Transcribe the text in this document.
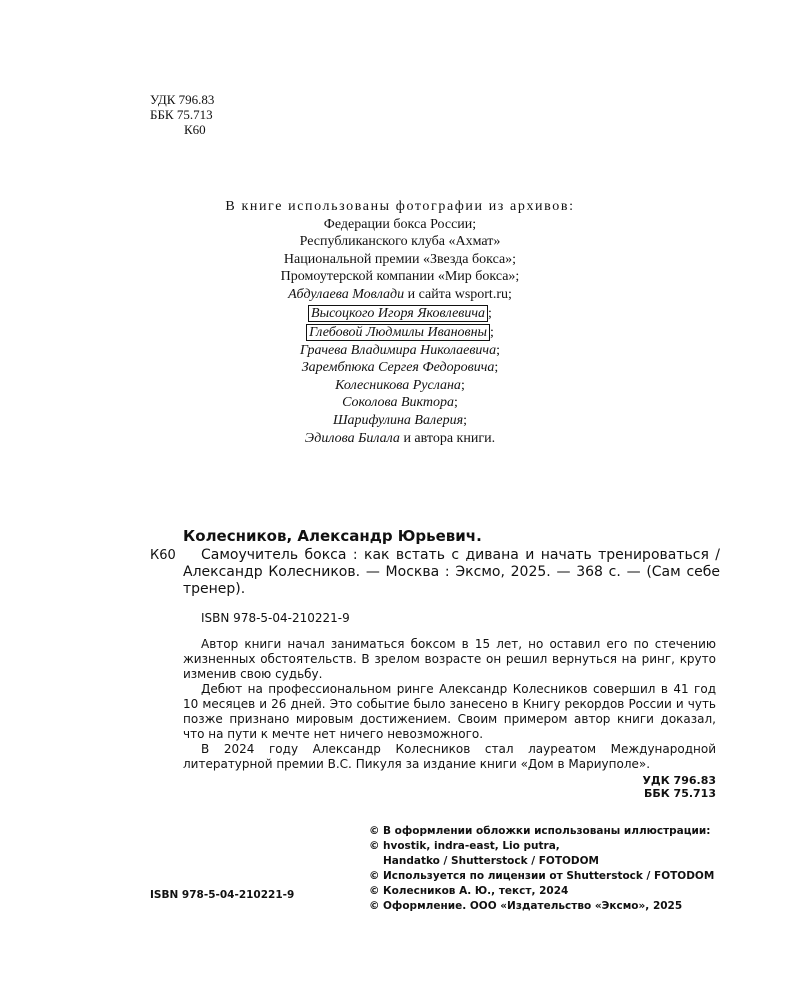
УДК 796.83
ББК 75.713
К60
В книге использованы фотографии из архивов:
Федерации бокса России;
Республиканского клуба «Ахмат»
Национальной премии «Звезда бокса»;
Промоутерской компании «Мир бокса»;
Абдулаева Мовлади и сайта wsport.ru;
Высоцкого Игоря Яковлевича ;
Глебовой Людмилы Ивановны ;
Грачева Владимира Николаевича;
Зарембпюка Сергея Федоровича;
Колесникова Руслана;
Соколова Виктора;
Шарифулина Валерия;
Эдилова Билала и автора книги.
Колесников, Александр Юрьевич.
К60	Самоучитель бокса : как встать с дивана и начать тренироваться / Александр Колесников. — Москва : Эксмо, 2025. — 368 с. — (Сам себе тренер).
ISBN 978-5-04-210221-9

Автор книги начал заниматься боксом в 15 лет, но оставил его по стечению жизненных обстоятельств. В зрелом возрасте он решил вернуться на ринг, круто изменив свою судьбу.

Дебют на профессиональном ринге Александр Колесников совершил в 41 год 10 месяцев и 26 дней. Это событие было занесено в Книгу рекордов России и чуть позже признано мировым достижением. Своим примером автор книги доказал, что на пути к мечте нет ничего невозможного.

В 2024 году Александр Колесников стал лауреатом Международной литературной премии В.С. Пикуля за издание книги «Дом в Мариуполе».

УДК 796.83
ББК 75.713
© В оформлении обложки использованы иллюстрации:
© hvostik, indra-east, Lio putra,
Handatko / Shutterstock / FOTODOM
© Используется по лицензии от Shutterstock / FOTODOM
© Колесников А. Ю., текст, 2024
© Оформление. ООО «Издательство «Эксмо», 2025
ISBN 978-5-04-210221-9
